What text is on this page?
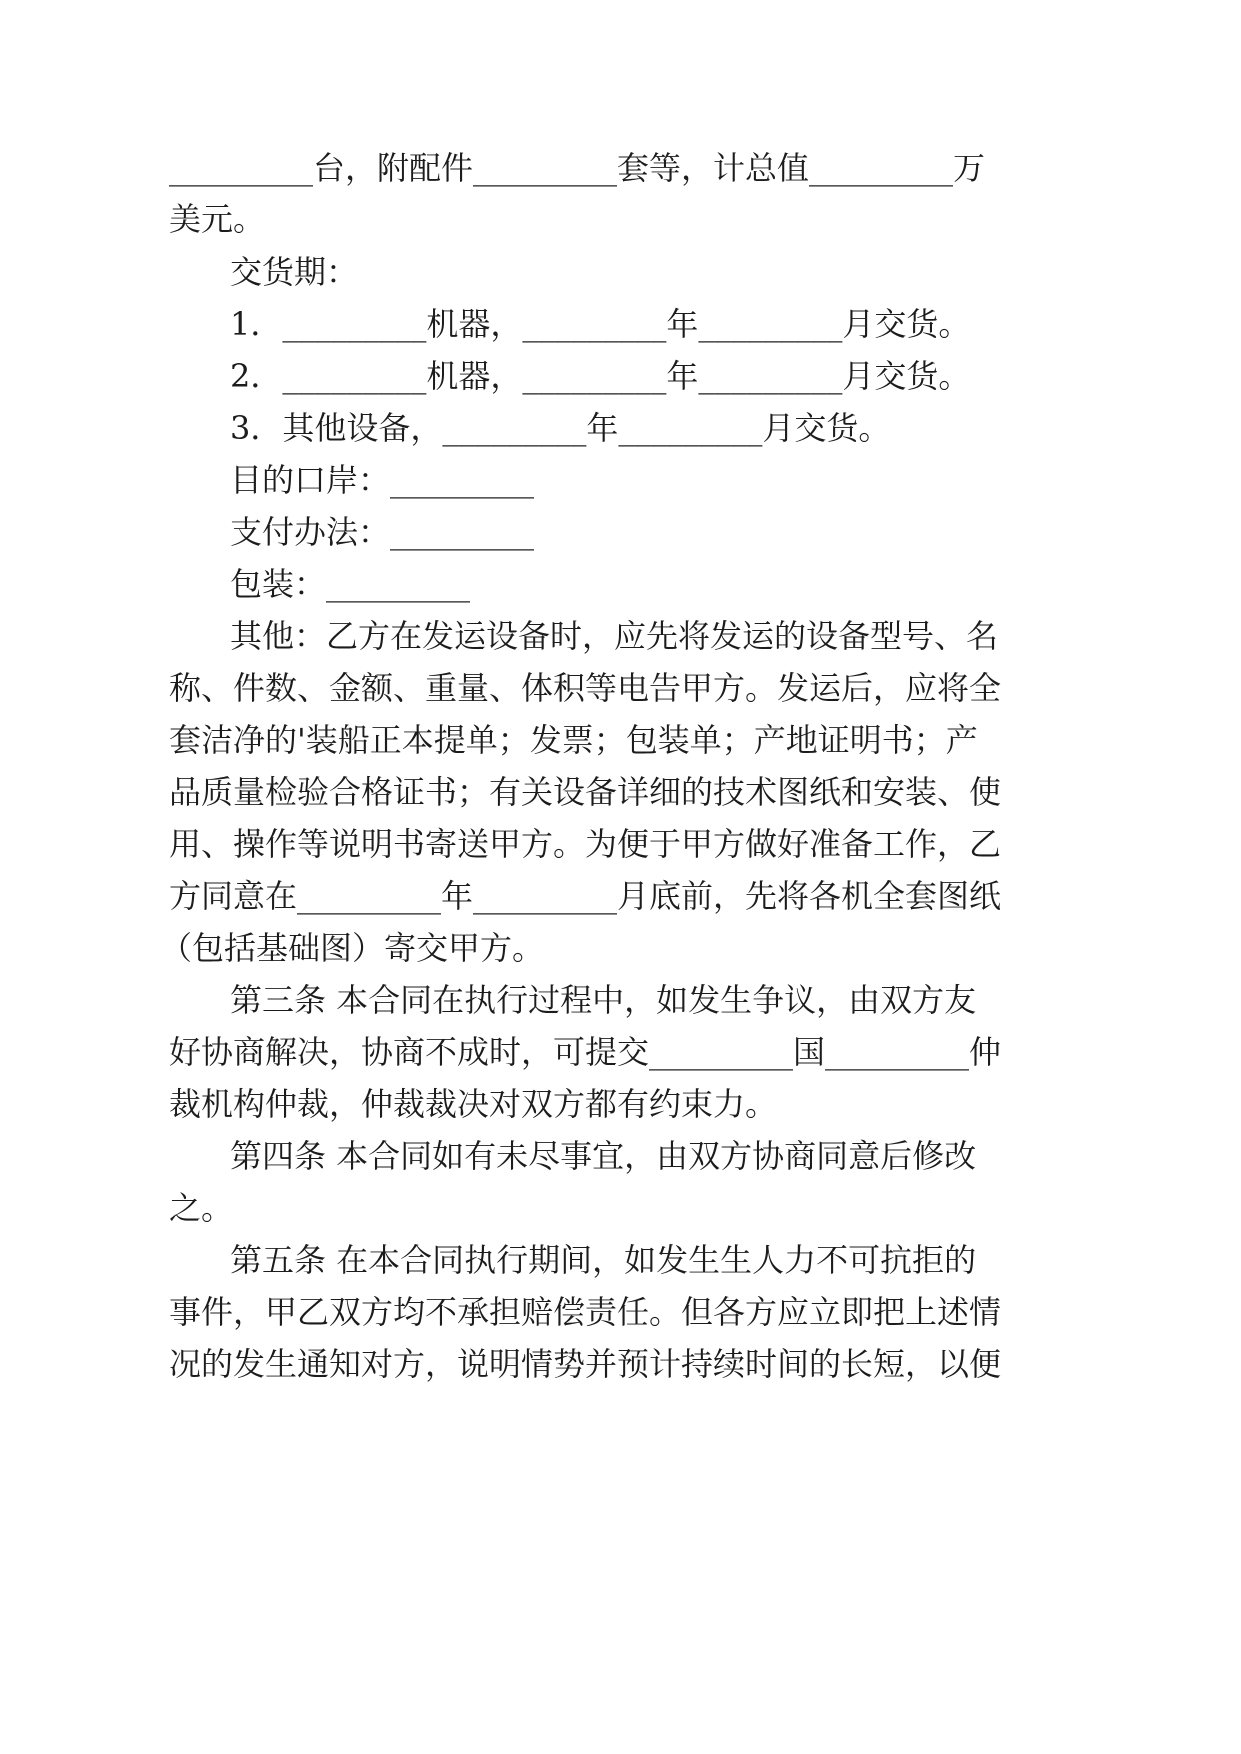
_________台，附配件_________套等，计总值_________万

美元。

交货期：

1．_________机器，_________年_________月交货。

2．_________机器，_________年_________月交货。

3．其他设备，_________年_________月交货。

目的口岸：_________

支付办法：_________

包装：_________

其他：乙方在发运设备时，应先将发运的设备型号、名

称、件数、金额、重量、体积等电告甲方。发运后，应将全

套洁净的'装船正本提单；发票；包装单；产地证明书；产

品质量检验合格证书；有关设备详细的技术图纸和安装、使

用、操作等说明书寄送甲方。为便于甲方做好准备工作，乙

方同意在_________年_________月底前，先将各机全套图纸

（包括基础图）寄交甲方。

第三条 本合同在执行过程中，如发生争议，由双方友

好协商解决，协商不成时，可提交_________国_________仲

裁机构仲裁，仲裁裁决对双方都有约束力。

第四条 本合同如有未尽事宜，由双方协商同意后修改

之。

第五条 在本合同执行期间，如发生生人力不可抗拒的

事件，甲乙双方均不承担赔偿责任。但各方应立即把上述情

况的发生通知对方，说明情势并预计持续时间的长短，以便
